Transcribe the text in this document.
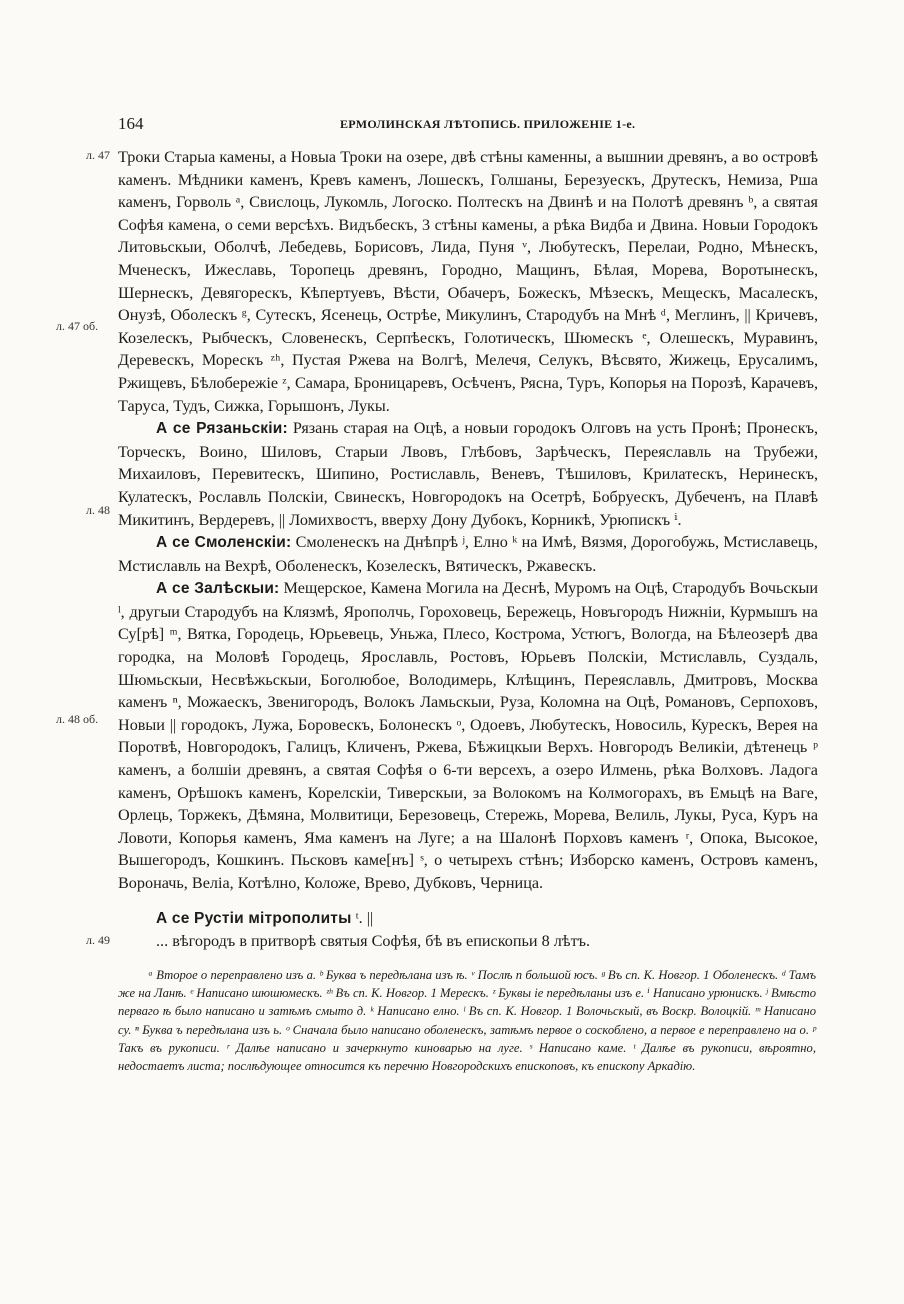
164	ЕРМОЛИНСКАЯ ЛѢТОПИСЬ. ПРИЛОЖЕНІЕ 1-е.
л. 47
л. 47 об.
л. 48
л. 48 об.
л. 49

Троки Старыа камены, а Новыа Троки на озере, двѣ стѣны каменны, а вышнии древянъ, а во островѣ каменъ. Мѣдники каменъ, Кревъ каменъ, Лошескъ, Голшаны, Березуескъ, Друтескъ, Немиза, Рша каменъ, Горволь ᵃ, Свислоць, Лукомль, Логоско. Полтескъ на Двинѣ и на Полотѣ древянъ ᵇ, а святая Софѣя камена, о семи версѣхъ. Видъбескъ, 3 стѣны камены, а рѣка Видба и Двина. Новыи Городокъ Литовьскыи, Оболчѣ, Лебедевь, Борисовъ, Лида, Пуня ᵛ, Любутескъ, Перелаи, Родно, Мѣнескъ, Мченескъ, Ижеславь, Торопець древянъ, Городно, Мащинъ, Бѣлая, Морева, Воротынескъ, Шернескъ, Девягорескъ, Кѣпертуевъ, Вѣсти, Обачеръ, Божескъ, Мѣзескъ, Мещескъ, Масалескъ, Онузѣ, Оболескъ ᵍ, Сутескъ, Ясенець, Острѣе, Микулинъ, Стародубъ на Мнѣ ᵈ, Меглинъ, || Кричевъ, Козелескъ, Рыбческъ, Словенескъ, Серпѣескъ, Голотическъ, Шюмескъ ᵉ, Олешескъ, Муравинъ, Деревескъ, Морескъ ᶻʰ, Пустая Ржева на Волгѣ, Мелечя, Селукъ, Вѣсвято, Жижець, Ерусалимъ, Ржищевъ, Бѣлобережіе ᶻ, Самара, Броницаревъ, Осѣченъ, Рясна, Туръ, Копорья на Порозѣ, Карачевъ, Таруса, Тудъ, Сижка, Горышонъ, Лукы.

А се Рязаньскіи: Рязань старая на Оцѣ, а новыи городокъ Олговъ на усть Пронѣ; Пронескъ, Торческъ, Воино, Шиловъ, Старыи Лвовъ, Глѣбовъ, Зарѣческъ, Переяславль на Трубежи, Михаиловъ, Перевитескъ, Шипино, Ростиславль, Веневъ, Тѣшиловъ, Крилатескъ, Неринескъ, Кулатескъ, Рославль Полскіи, Свинескъ, Новгородокъ на Осетрѣ, Бобруескъ, Дубеченъ, на Плавѣ Микитинъ, Вердеревъ, || Ломихвостъ, вверху Дону Дубокъ, Корникѣ, Урюпискъ ⁱ.

А се Смоленскіи: Смоленескъ на Днѣпрѣ ʲ, Елно ᵏ на Имѣ, Вязмя, Дорогобужь, Мстиславець, Мстиславль на Вехрѣ, Оболенескъ, Козелескъ, Вятическъ, Ржавескъ.

А се Залѣскыи: Мещерское, Камена Могила на Деснѣ, Муромъ на Оцѣ, Стародубъ Вочьскыи ˡ, другыи Стародубъ на Клязмѣ, Ярополчь, Гороховець, Бережець, Новъгородъ Нижніи, Курмышъ на Су[рѣ] ᵐ, Вятка, Городець, Юрьевець, Уньжа, Плесо, Кострома, Устюгъ, Вологда, на Бѣлеозерѣ два городка, на Моловѣ Городець, Ярославль, Ростовъ, Юрьевъ Полскіи, Мстиславль, Суздаль, Шюмьскыи, Несвѣжьскыи, Боголюбое, Володимерь, Клѣщинъ, Переяславль, Дмитровъ, Москва каменъ ⁿ, Можаескъ, Звенигородъ, Волокъ Ламьскыи, Руза, Коломна на Оцѣ, Романовъ, Серпоховъ, Новыи || городокъ, Лужа, Боровескъ, Болонескъ ᵒ, Одоевъ, Любутескъ, Новосиль, Курескъ, Верея на Поротвѣ, Новгородокъ, Галицъ, Кличенъ, Ржева, Бѣжицкыи Верхъ. Новгородъ Великіи, дѣтенець ᵖ каменъ, а болшіи древянъ, а святая Софѣя о 6-ти версехъ, а озеро Илмень, рѣка Волховъ. Ладога каменъ, Орѣшокъ каменъ, Корелскіи, Тиверскыи, за Волокомъ на Колмогорахъ, въ Емьцѣ на Ваге, Орлець, Торжекъ, Дѣмяна, Молвитици, Березовець, Стережь, Морева, Велиль, Лукы, Руса, Куръ на Ловоти, Копорья каменъ, Яма каменъ на Луге; а на Шалонѣ Порховъ каменъ ʳ, Опока, Высокое, Вышегородъ, Кошкинъ. Пьсковъ каме[нъ] ˢ, о четырехъ стѣнъ; Изборско каменъ, Островъ каменъ, Вороначь, Веліа, Котѣлно, Коложе, Врево, Дубковъ, Черница.

А се Рустіи мітрополиты ᵗ. ||

... вѣгородъ в притворѣ святыя Софѣя, бѣ въ епископьи 8 лѣтъ.

ᵃ Второе о переправлено изъ а. ᵇ Буква ъ передѣлана изъ ѣ. ᵛ Послѣ п большой юсъ. ᵍ Въ сп. К. Новгор. 1 Оболенескъ. ᵈ Тамъ же на Ланѣ. ᵉ Написано шюшюмескъ. ᶻʰ Въ сп. К. Новгор. 1 Мерескъ. ᶻ Буквы іе передѣланы изъ е. ⁱ Написано урюнискъ. ʲ Вмѣсто перваго ѣ было написано и затѣмъ смыто д. ᵏ Написано елно. ˡ Въ сп. К. Новгор. 1 Волочьскый, въ Воскр. Волоцкій. ᵐ Написано су. ⁿ Буква ъ передѣлана изъ ь. ᵒ Сначала было написано оболенескъ, затѣмъ первое о соскоблено, а первое е переправлено на о. ᵖ Такъ въ рукописи. ʳ Далѣе написано и зачеркнуто киноварью на луге. ˢ Написано каме. ᵗ Далѣе въ рукописи, вѣроятно, недостаетъ листа; послѣдующее относится къ перечню Новгородскихъ епископовъ, къ епископу Аркадію.
